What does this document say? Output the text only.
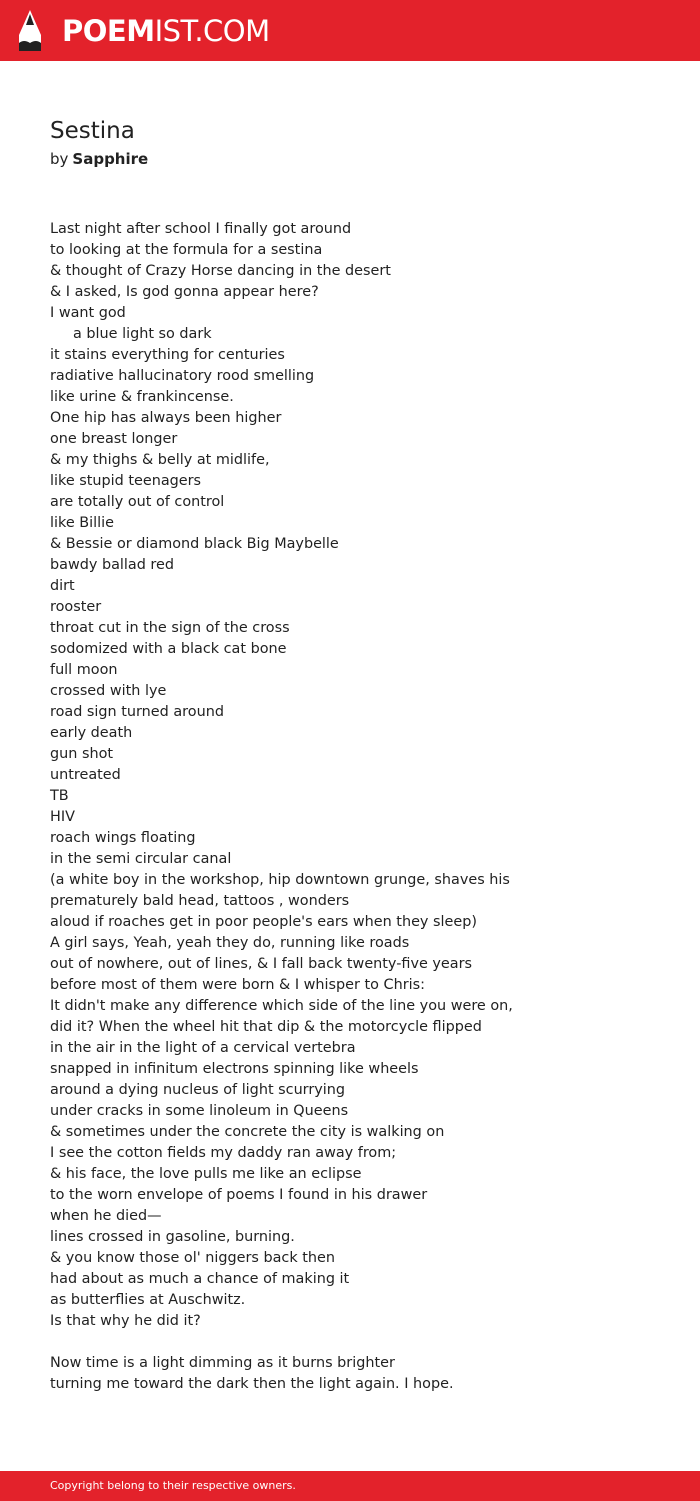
POEMIST.COM
Sestina
by Sapphire
Last night after school I finally got around
to looking at the formula for a sestina
& thought of Crazy Horse dancing in the desert
& I asked, Is god gonna appear here?
I want god
a blue light so dark
it stains everything for centuries
radiative hallucinatory rood smelling
like urine & frankincense.
One hip has always been higher
one breast longer
& my thighs & belly at midlife,
like stupid teenagers
are totally out of control
like Billie
& Bessie or diamond black Big Maybelle
bawdy ballad red
dirt
rooster
throat cut in the sign of the cross
sodomized with a black cat bone
full moon
crossed with lye
road sign turned around
early death
gun shot
untreated
TB
HIV
roach wings floating
in the semi circular canal
(a white boy in the workshop, hip downtown grunge, shaves his
prematurely bald head, tattoos , wonders
aloud if roaches get in poor people's ears when they sleep)
A girl says, Yeah, yeah they do, running like roads
out of nowhere, out of lines, & I fall back twenty-five years
before most of them were born & I whisper to Chris:
It didn't make any difference which side of the line you were on,
did it? When the wheel hit that dip & the motorcycle flipped
in the air in the light of a cervical vertebra
snapped in infinitum electrons spinning like wheels
around a dying nucleus of light scurrying
under cracks in some linoleum in Queens
& sometimes under the concrete the city is walking on
I see the cotton fields my daddy ran away from;
& his face, the love pulls me like an eclipse
to the worn envelope of poems I found in his drawer
when he died—
lines crossed in gasoline, burning.
& you know those ol' niggers back then
had about as much a chance of making it
as butterflies at Auschwitz.
Is that why he did it?
Now time is a light dimming as it burns brighter
turning me toward the dark then the light again. I hope.
Copyright belong to their respective owners.
